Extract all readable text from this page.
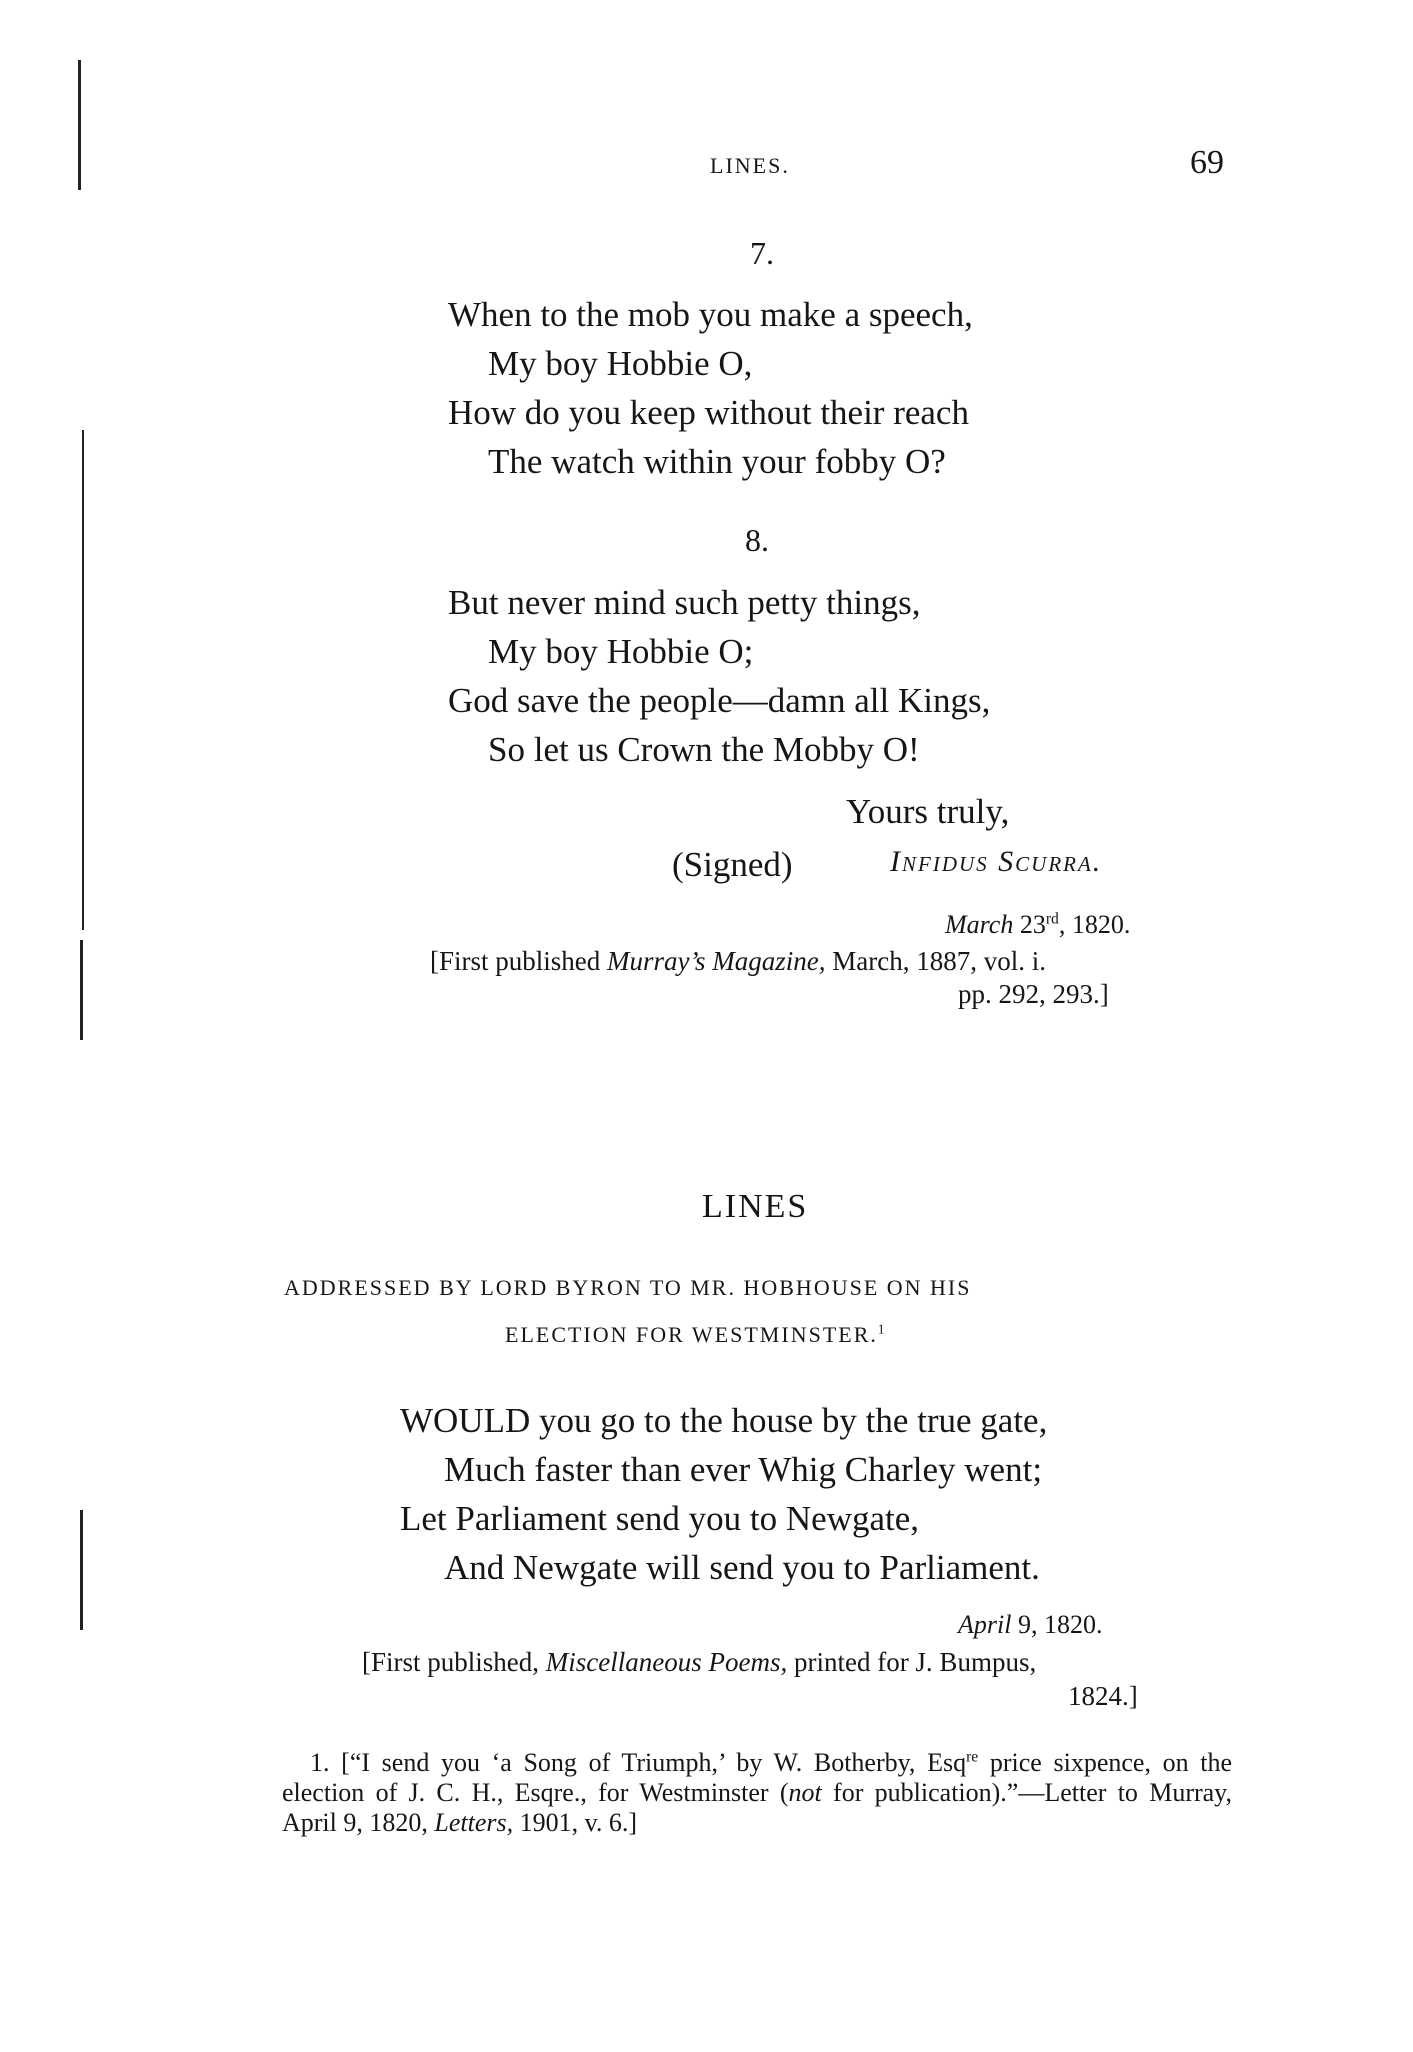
LINES.	69
7.
When to the mob you make a speech,
My boy Hobbie O,
How do you keep without their reach
The watch within your fobby O?
8.
But never mind such petty things,
My boy Hobbie O;
God save the people—damn all Kings,
So let us Crown the Mobby O!
Yours truly,
(Signed)	Infidus Scurra.
March 23rd, 1820.
[First published Murray’s Magazine, March, 1887, vol. i.
pp. 292, 293.]
LINES
ADDRESSED BY LORD BYRON TO MR. HOBHOUSE ON HIS
ELECTION FOR WESTMINSTER.$^1$
WOULD you go to the house by the true gate,
Much faster than ever Whig Charley went;
Let Parliament send you to Newgate,
And Newgate will send you to Parliament.
April 9, 1820.
[First published, Miscellaneous Poems, printed for J. Bumpus,
1824.]
1. [“I send you ‘a Song of Triumph,’ by W. Botherby, Esq$^{re}$ price sixpence, on the election of J. C. H., Esqre., for Westminster (not for publication).”—Letter to Murray, April 9, 1820, Letters, 1901, v. 6.]
